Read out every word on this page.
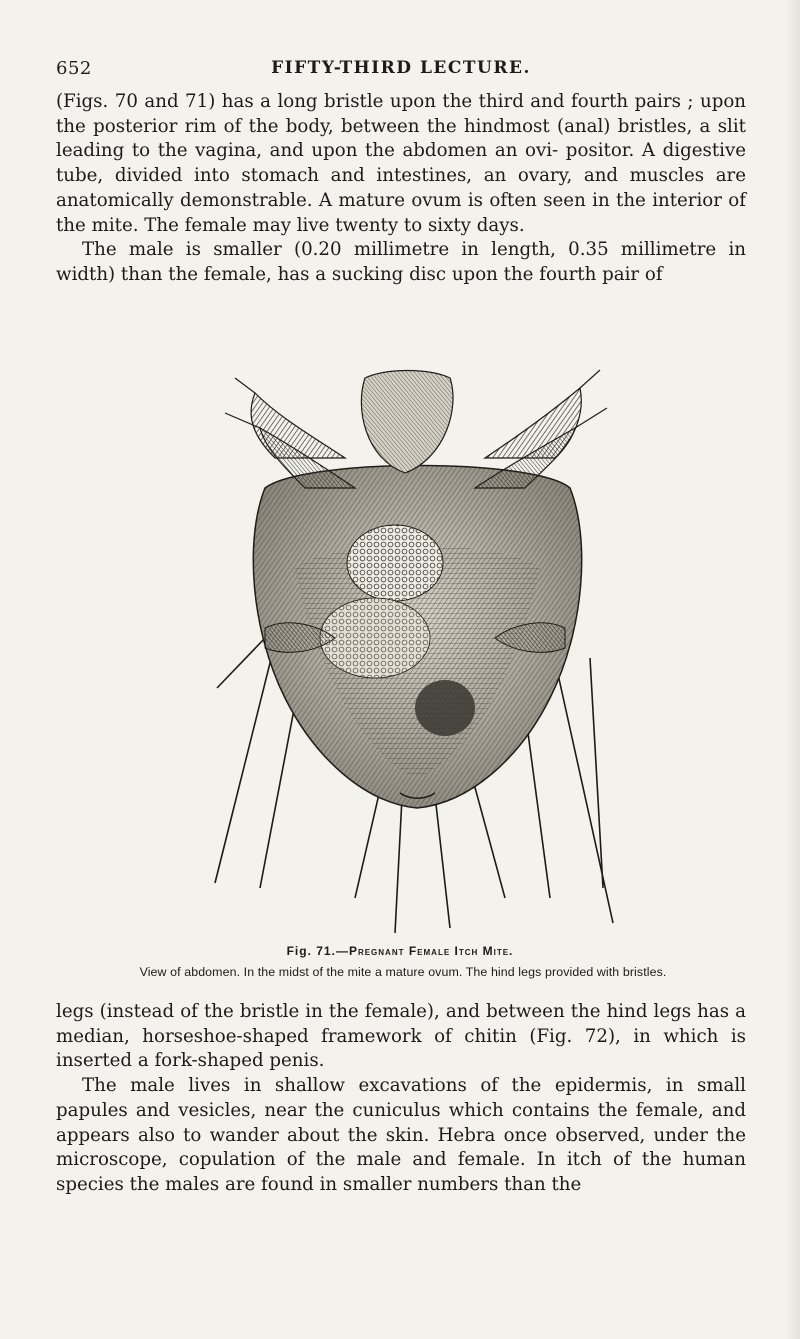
652	FIFTY-THIRD LECTURE.

(Figs. 70 and 71) has a long bristle upon the third and fourth pairs ; upon the posterior rim of the body, between the hindmost (anal) bristles, a slit leading to the vagina, and upon the abdomen an ovi- positor. A digestive tube, divided into stomach and intestines, an ovary, and muscles are anatomically demonstrable. A mature ovum is often seen in the interior of the mite. The female may live twenty to sixty days.

The male is smaller (0.20 millimetre in length, 0.35 millimetre in width) than the female, has a sucking disc upon the fourth pair of

Fig. 71.—Pregnant Female Itch Mite.
View of abdomen. In the midst of the mite a mature ovum. The hind legs provided with bristles.

legs (instead of the bristle in the female), and between the hind legs has a median, horseshoe-shaped framework of chitin (Fig. 72), in which is inserted a fork-shaped penis.

The male lives in shallow excavations of the epidermis, in small papules and vesicles, near the cuniculus which contains the female, and appears also to wander about the skin. Hebra once observed, under the microscope, copulation of the male and female. In itch of the human species the males are found in smaller numbers than the
